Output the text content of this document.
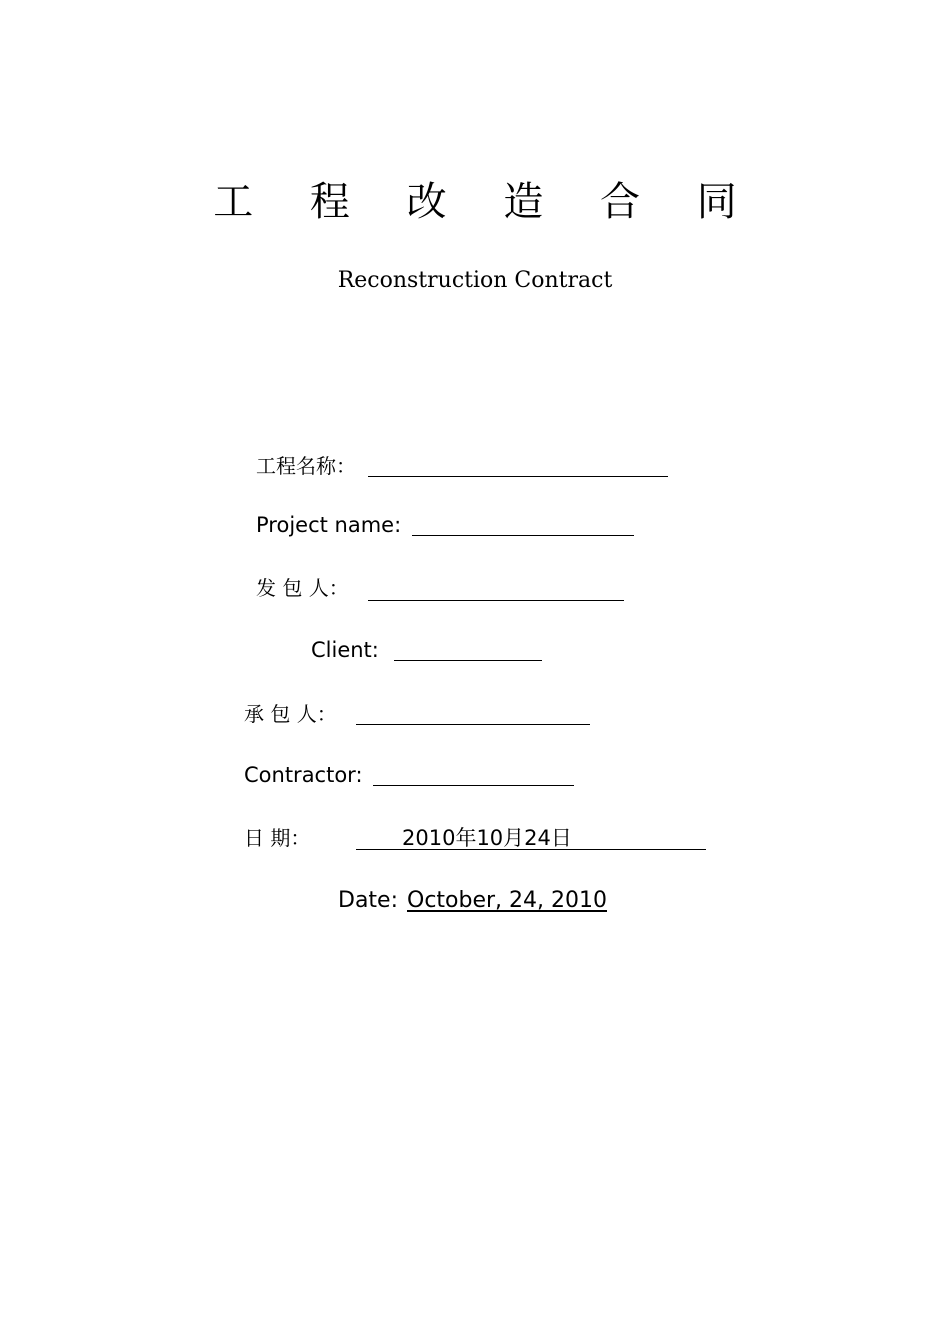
工 程 改 造 合 同
Reconstruction Contract
工程名称：
Project name:
发 包 人：
Client:
承 包 人：
Contractor:
日 期：	2010年10月24日
Date: October, 24, 2010
